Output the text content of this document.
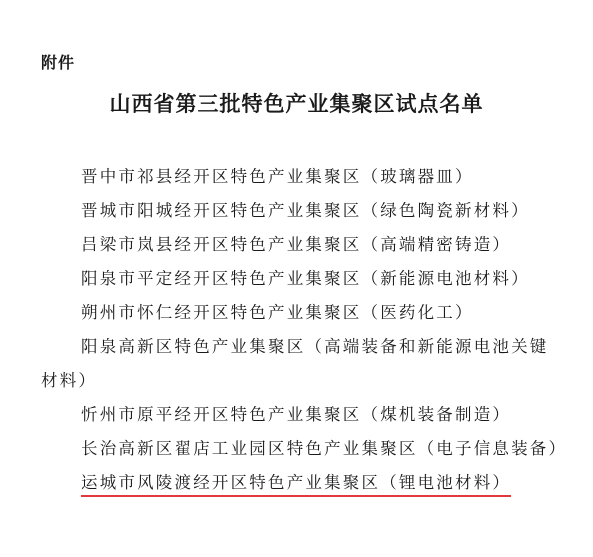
附件
山西省第三批特色产业集聚区试点名单
晋中市祁县经开区特色产业集聚区（玻璃器皿）
晋城市阳城经开区特色产业集聚区（绿色陶瓷新材料）
吕梁市岚县经开区特色产业集聚区（高端精密铸造）
阳泉市平定经开区特色产业集聚区（新能源电池材料）
朔州市怀仁经开区特色产业集聚区（医药化工）
阳泉高新区特色产业集聚区（高端装备和新能源电池关键材料）
忻州市原平经开区特色产业集聚区（煤机装备制造）
长治高新区翟店工业园区特色产业集聚区（电子信息装备）
运城市风陵渡经开区特色产业集聚区（锂电池材料）
